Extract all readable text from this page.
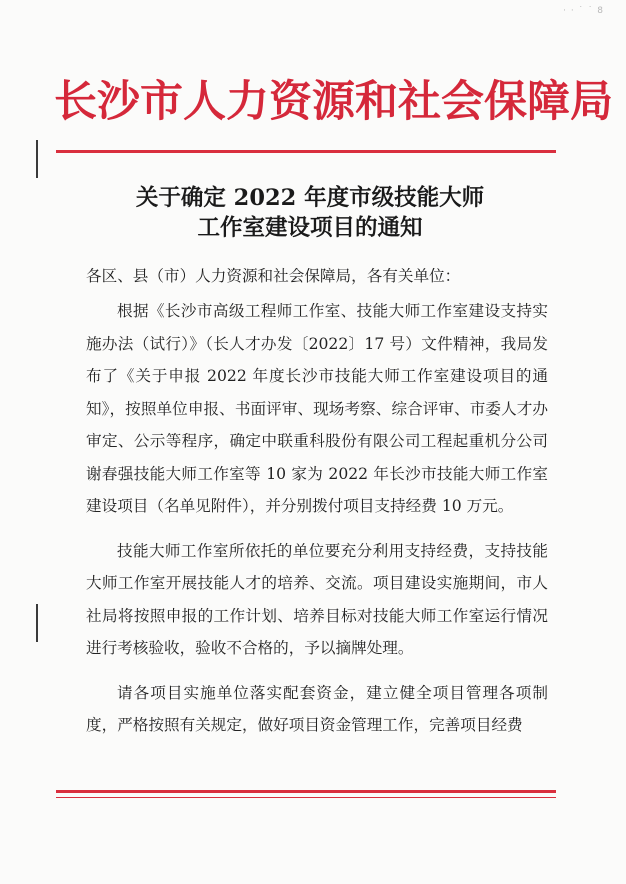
· · ˙ ˙ 8
长沙市人力资源和社会保障局
关于确定 2022 年度市级技能大师
工作室建设项目的通知
各区、县（市）人力资源和社会保障局，各有关单位：

根据《长沙市高级工程师工作室、技能大师工作室建设支持实施办法（试行）》（长人才办发〔2022〕17 号）文件精神，我局发布了《关于申报 2022 年度长沙市技能大师工作室建设项目的通知》，按照单位申报、书面评审、现场考察、综合评审、市委人才办审定、公示等程序，确定中联重科股份有限公司工程起重机分公司谢春强技能大师工作室等 10 家为 2022 年长沙市技能大师工作室建设项目（名单见附件），并分别拨付项目支持经费 10 万元。

技能大师工作室所依托的单位要充分利用支持经费，支持技能大师工作室开展技能人才的培养、交流。项目建设实施期间，市人社局将按照申报的工作计划、培养目标对技能大师工作室运行情况进行考核验收，验收不合格的，予以摘牌处理。

请各项目实施单位落实配套资金，建立健全项目管理各项制度，严格按照有关规定，做好项目资金管理工作，完善项目经费
